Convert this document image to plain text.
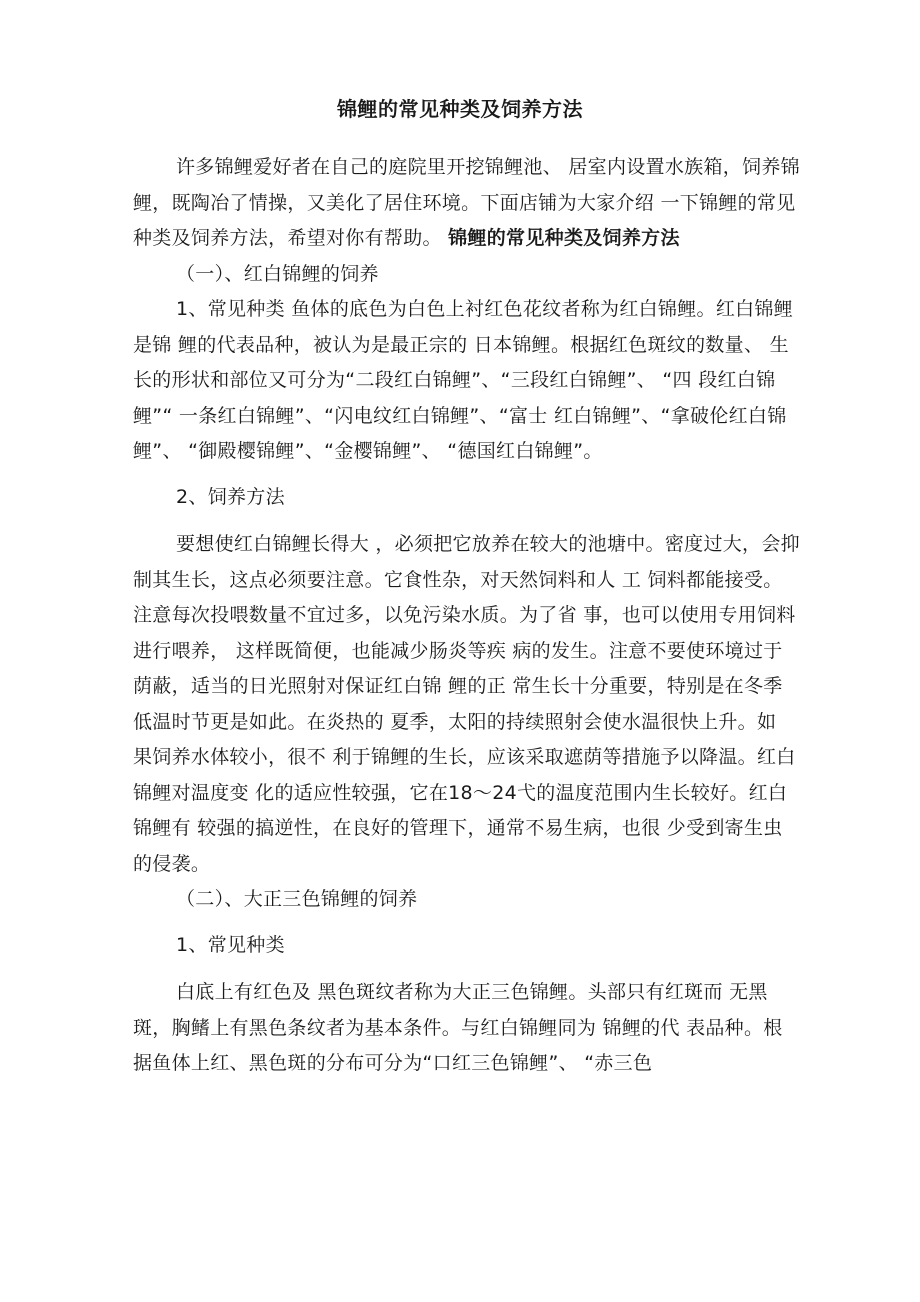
锦鲤的常见种类及饲养方法

许多锦鲤爱好者在自己的庭院里开挖锦鲤池、 居室内设置水族箱，饲养锦鲤，既陶冶了情操，又美化了居住环境。下面店铺为大家介绍 一下锦鲤的常见种类及饲养方法，希望对你有帮助。 锦鲤的常见种类及饲养方法

（一）、红白锦鲤的饲养

1、常见种类 鱼体的底色为白色上衬红色花纹者称为红白锦鲤。红白锦鲤是锦 鲤的代表品种，被认为是最正宗的 日本锦鲤。根据红色斑纹的数量、 生长的形状和部位又可分为“二段红白锦鲤”、“三段红白锦鲤”、 “四 段红白锦鲤”“ 一条红白锦鲤”、“闪电纹红白锦鲤”、“富士 红白锦鲤”、“拿破伦红白锦鲤”、 “御殿樱锦鲤”、“金樱锦鲤”、 “德国红白锦鲤”。

2、饲养方法

要想使红白锦鲤长得大 ，必须把它放养在较大的池塘中。密度过大，会抑制其生长，这点必须要注意。它食性杂，对天然饲料和人 工 饲料都能接受。注意每次投喂数量不宜过多，以免污染水质。为了省 事，也可以使用专用饲料进行喂养， 这样既简便，也能减少肠炎等疾 病的发生。注意不要使环境过于荫蔽，适当的日光照射对保证红白锦 鲤的正 常生长十分重要，特别是在冬季低温时节更是如此。在炎热的 夏季，太阳的持续照射会使水温很快上升。如 果饲养水体较小，很不 利于锦鲤的生长，应该采取遮荫等措施予以降温。红白锦鲤对温度变 化的适应性较强，它在18〜24弋的温度范围内生长较好。红白锦鲤有 较强的搞逆性，在良好的管理下，通常不易生病，也很 少受到寄生虫 的侵袭。

（二）、大正三色锦鲤的饲养

1、常见种类

白底上有红色及 黑色斑纹者称为大正三色锦鲤。头部只有红斑而 无黑斑，胸鳍上有黑色条纹者为基本条件。与红白锦鲤同为 锦鲤的代 表品种。根据鱼体上红、黑色斑的分布可分为“口红三色锦鲤”、 “赤三色
